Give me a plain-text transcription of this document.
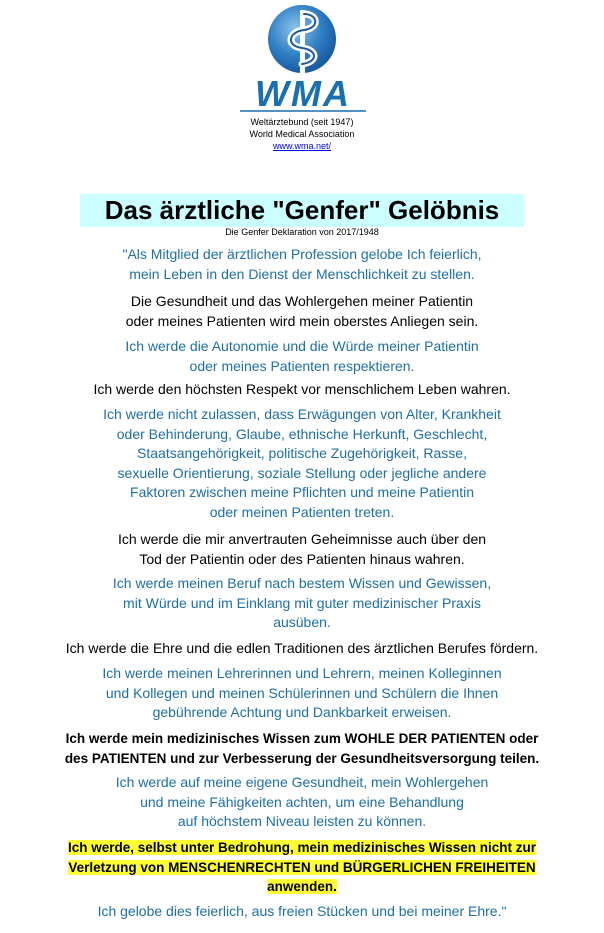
WMA
Weltärztebund (seit 1947)
World Medical Association
www.wma.net/
Das ärztliche "Genfer" Gelöbnis
Die Genfer Deklaration von 2017/1948
"Als Mitglied der ärztlichen Profession gelobe Ich feierlich,
mein Leben in den Dienst der Menschlichkeit zu stellen.
Die Gesundheit und das Wohlergehen meiner Patientin
oder meines Patienten wird mein oberstes Anliegen sein.
Ich werde die Autonomie und die Würde meiner Patientin
oder meines Patienten respektieren.
Ich werde den höchsten Respekt vor menschlichem Leben wahren.
Ich werde nicht zulassen, dass Erwägungen von Alter, Krankheit
oder Behinderung, Glaube, ethnische Herkunft, Geschlecht,
Staatsangehörigkeit, politische Zugehörigkeit, Rasse,
sexuelle Orientierung, soziale Stellung oder jegliche andere
Faktoren zwischen meine Pflichten und meine Patientin
oder meinen Patienten treten.
Ich werde die mir anvertrauten Geheimnisse auch über den
Tod der Patientin oder des Patienten hinaus wahren.
Ich werde meinen Beruf nach bestem Wissen und Gewissen,
mit Würde und im Einklang mit guter medizinischer Praxis
ausüben.
Ich werde die Ehre und die edlen Traditionen des ärztlichen Berufes fördern.
Ich werde meinen Lehrerinnen und Lehrern, meinen Kolleginnen
und Kollegen und meinen Schülerinnen und Schülern die Ihnen
gebührende Achtung und Dankbarkeit erweisen.
Ich werde mein medizinisches Wissen zum WOHLE DER PATIENTEN oder
des PATIENTEN und zur Verbesserung der Gesundheitsversorgung teilen.
Ich werde auf meine eigene Gesundheit, mein Wohlergehen
und meine Fähigkeiten achten, um eine Behandlung
auf höchstem Niveau leisten zu können.
Ich werde, selbst unter Bedrohung, mein medizinisches Wissen nicht zur
Verletzung von MENSCHENRECHTEN und BÜRGERLICHEN FREIHEITEN
anwenden.
Ich gelobe dies feierlich, aus freien Stücken und bei meiner Ehre."
